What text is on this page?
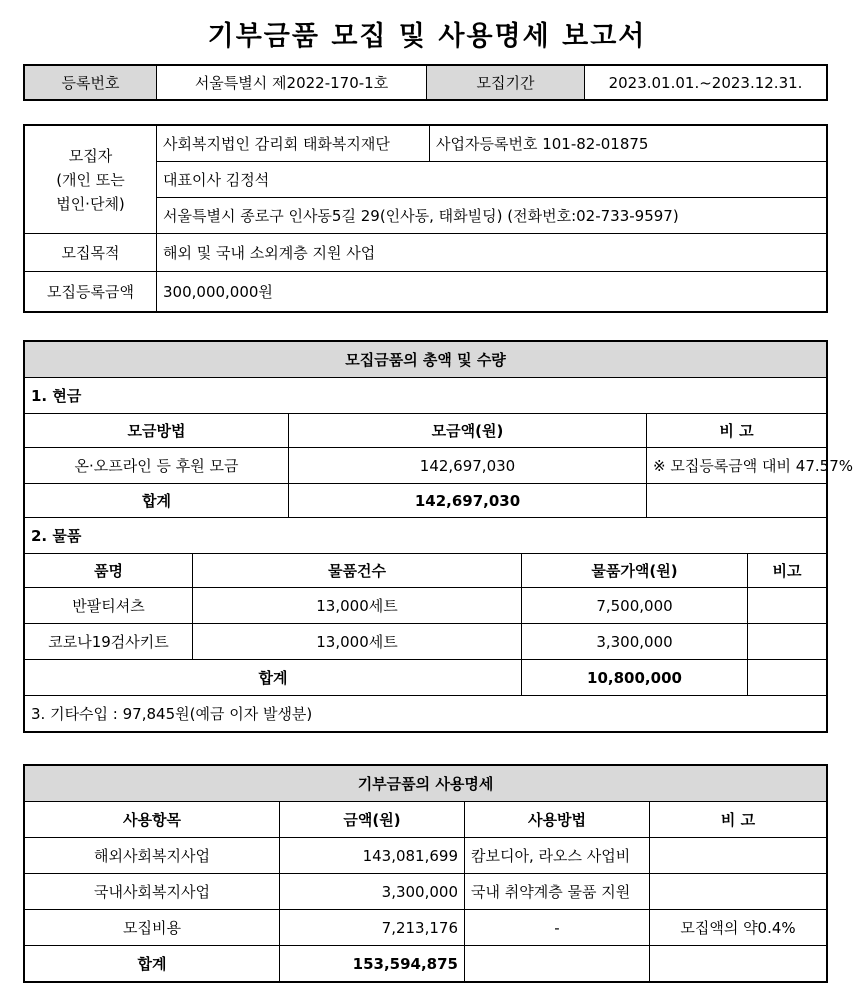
기부금품 모집 및 사용명세 보고서
등록번호	서울특별시 제2022-170-1호	모집기간	2023.01.01.~2023.12.31.
모집자
(개인 또는
법인·단체)	사회복지법인 감리회 태화복지재단	사업자등록번호 101-82-01875
	대표이사 김정석	
	서울특별시 종로구 인사동5길 29(인사동, 태화빌딩) (전화번호:02-733-9597)	
모집목적	해외 및 국내 소외계층 지원 사업	
모집등록금액	300,000,000원	
모집금품의 총액 및 수량					
1. 현금					
모금방법		모금액(원)		비 고	
온·오프라인 등 후원 모금		142,697,030		※ 모집등록금액 대비 47.57%	
합계		142,697,030			
2. 물품					
품명	물품건수		물품가액(원)		비고
반팔티셔츠	13,000세트		7,500,000		
코로나19검사키트	13,000세트		3,300,000		
합계			10,800,000		
3. 기타수입 : 97,845원(예금 이자 발생분)					
기부금품의 사용명세			
사용항목	금액(원)	사용방법	비 고
해외사회복지사업	143,081,699	캄보디아, 라오스 사업비	
국내사회복지사업	3,300,000	국내 취약계층 물품 지원	
모집비용	7,213,176	-	모집액의 약0.4%
합계	153,594,875		
